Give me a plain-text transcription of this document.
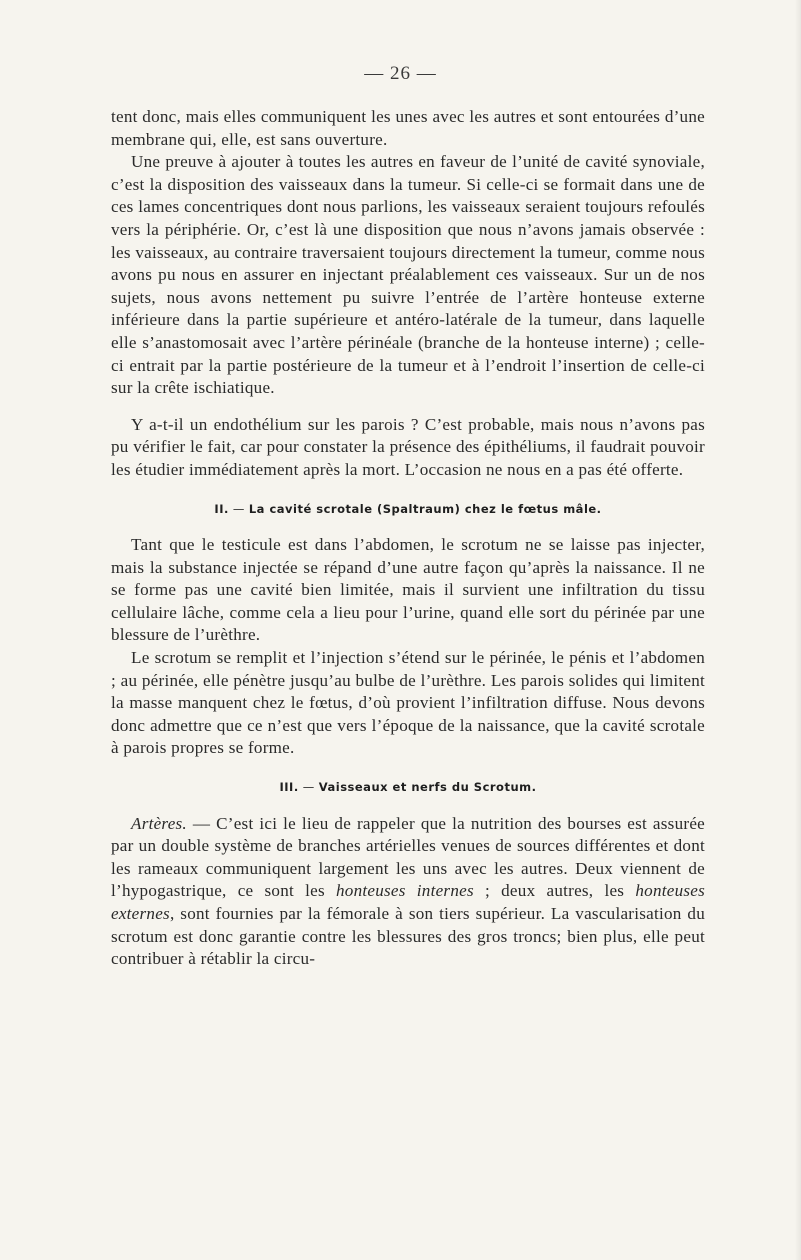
— 26 —

tent donc, mais elles communiquent les unes avec les autres et sont entourées d’une membrane qui, elle, est sans ouverture.

Une preuve à ajouter à toutes les autres en faveur de l’unité de cavité synoviale, c’est la disposition des vaisseaux dans la tumeur. Si celle-ci se formait dans une de ces lames concentriques dont nous parlions, les vaisseaux seraient toujours refoulés vers la périphérie. Or, c’est là une disposition que nous n’avons jamais observée : les vaisseaux, au contraire traversaient toujours directement la tumeur, comme nous avons pu nous en assurer en injectant préalablement ces vaisseaux. Sur un de nos sujets, nous avons nettement pu suivre l’entrée de l’artère honteuse externe inférieure dans la partie supérieure et antéro-latérale de la tumeur, dans laquelle elle s’anastomosait avec l’artère périnéale (branche de la honteuse interne) ; celle-ci entrait par la partie postérieure de la tumeur et à l’endroit l’insertion de celle-ci sur la crête ischiatique.

Y a-t-il un endothélium sur les parois ? C’est probable, mais nous n’avons pas pu vérifier le fait, car pour constater la présence des épithéliums, il faudrait pouvoir les étudier immédiatement après la mort. L’occasion ne nous en a pas été offerte.

II. — La cavité scrotale (Spaltraum) chez le fœtus mâle.

Tant que le testicule est dans l’abdomen, le scrotum ne se laisse pas injecter, mais la substance injectée se répand d’une autre façon qu’après la naissance. Il ne se forme pas une cavité bien limitée, mais il survient une infiltration du tissu cellulaire lâche, comme cela a lieu pour l’urine, quand elle sort du périnée par une blessure de l’urèthre.

Le scrotum se remplit et l’injection s’étend sur le périnée, le pénis et l’abdomen ; au périnée, elle pénètre jusqu’au bulbe de l’urèthre. Les parois solides qui limitent la masse manquent chez le fœtus, d’où provient l’infiltration diffuse. Nous devons donc admettre que ce n’est que vers l’époque de la naissance, que la cavité scrotale à parois propres se forme.

III. — Vaisseaux et nerfs du Scrotum.

Artères. — C’est ici le lieu de rappeler que la nutrition des bourses est assurée par un double système de branches artérielles venues de sources différentes et dont les rameaux communiquent largement les uns avec les autres. Deux viennent de l’hypogastrique, ce sont les honteuses internes ; deux autres, les honteuses externes, sont fournies par la fémorale à son tiers supérieur. La vascularisation du scrotum est donc garantie contre les blessures des gros troncs; bien plus, elle peut contribuer à rétablir la circu-
